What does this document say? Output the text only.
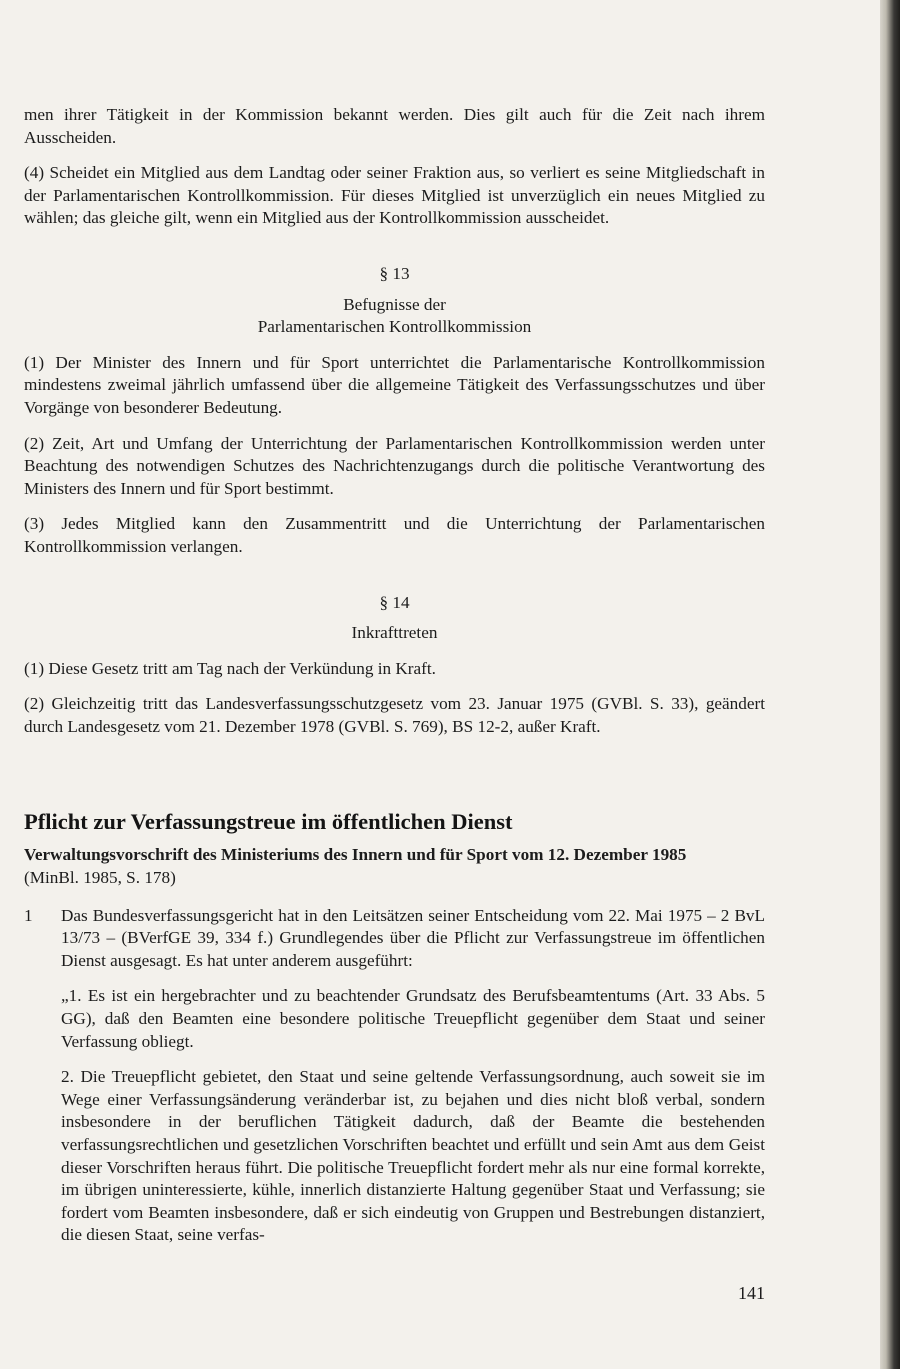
men ihrer Tätigkeit in der Kommission bekannt werden. Dies gilt auch für die Zeit nach ihrem Ausscheiden.

(4) Scheidet ein Mitglied aus dem Landtag oder seiner Fraktion aus, so verliert es seine Mitgliedschaft in der Parlamentarischen Kontrollkommission. Für dieses Mitglied ist unverzüglich ein neues Mitglied zu wählen; das gleiche gilt, wenn ein Mitglied aus der Kontrollkommission ausscheidet.

§ 13

Befugnisse der

Parlamentarischen Kontrollkommission

(1) Der Minister des Innern und für Sport unterrichtet die Parlamentarische Kontrollkommission mindestens zweimal jährlich umfassend über die allgemeine Tätigkeit des Verfassungsschutzes und über Vorgänge von besonderer Bedeutung.

(2) Zeit, Art und Umfang der Unterrichtung der Parlamentarischen Kontrollkommission werden unter Beachtung des notwendigen Schutzes des Nachrichtenzugangs durch die politische Verantwortung des Ministers des Innern und für Sport bestimmt.

(3) Jedes Mitglied kann den Zusammentritt und die Unterrichtung der Parlamentarischen Kontrollkommission verlangen.

§ 14

Inkrafttreten

(1) Diese Gesetz tritt am Tag nach der Verkündung in Kraft.

(2) Gleichzeitig tritt das Landesverfassungsschutzgesetz vom 23. Januar 1975 (GVBl. S. 33), geändert durch Landesgesetz vom 21. Dezember 1978 (GVBl. S. 769), BS 12-2, außer Kraft.

Pflicht zur Verfassungstreue im öffentlichen Dienst

Verwaltungsvorschrift des Ministeriums des Innern und für Sport vom 12. Dezember 1985

(MinBl. 1985, S. 178)

1	Das Bundesverfassungsgericht hat in den Leitsätzen seiner Entscheidung vom 22. Mai 1975 – 2 BvL 13/73 – (BVerfGE 39, 334 f.) Grundlegendes über die Pflicht zur Verfassungstreue im öffentlichen Dienst ausgesagt. Es hat unter anderem ausgeführt:

„1. Es ist ein hergebrachter und zu beachtender Grundsatz des Berufsbeamtentums (Art. 33 Abs. 5 GG), daß den Beamten eine besondere politische Treuepflicht gegenüber dem Staat und seiner Verfassung obliegt.

2. Die Treuepflicht gebietet, den Staat und seine geltende Verfassungsordnung, auch soweit sie im Wege einer Verfassungsänderung veränderbar ist, zu bejahen und dies nicht bloß verbal, sondern insbesondere in der beruflichen Tätigkeit dadurch, daß der Beamte die bestehenden verfassungsrechtlichen und gesetzlichen Vorschriften beachtet und erfüllt und sein Amt aus dem Geist dieser Vorschriften heraus führt. Die politische Treuepflicht fordert mehr als nur eine formal korrekte, im übrigen uninteressierte, kühle, innerlich distanzierte Haltung gegenüber Staat und Verfassung; sie fordert vom Beamten insbesondere, daß er sich eindeutig von Gruppen und Bestrebungen distanziert, die diesen Staat, seine verfas-

141
